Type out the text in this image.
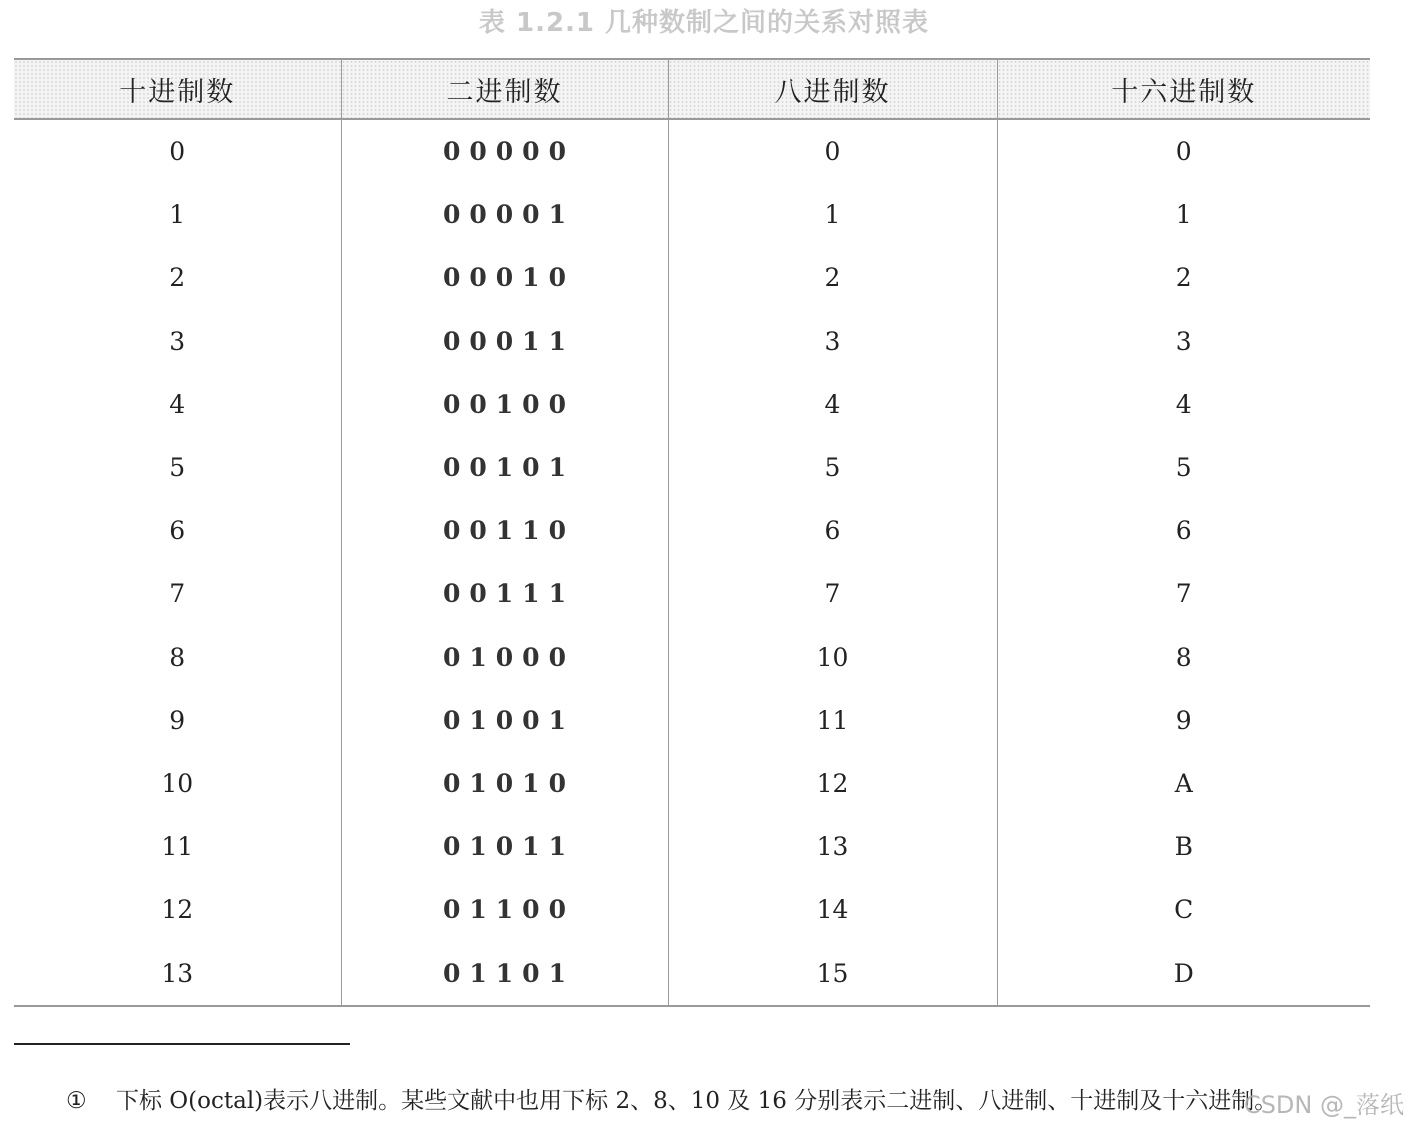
表 1.2.1 几种数制之间的关系对照表
十进制数	二进制数	八进制数	十六进制数
0	00000	0	0
1	00001	1	1
2	00010	2	2
3	00011	3	3
4	00100	4	4
5	00101	5	5
6	00110	6	6
7	00111	7	7
8	01000	10	8
9	01001	11	9
10	01010	12	A
11	01011	13	B
12	01100	14	C
13	01101	15	D
① 下标 O(octal)表示八进制。某些文献中也用下标 2、8、10 及 16 分别表示二进制、八进制、十进制及十六进制。
CSDN @_落纸
